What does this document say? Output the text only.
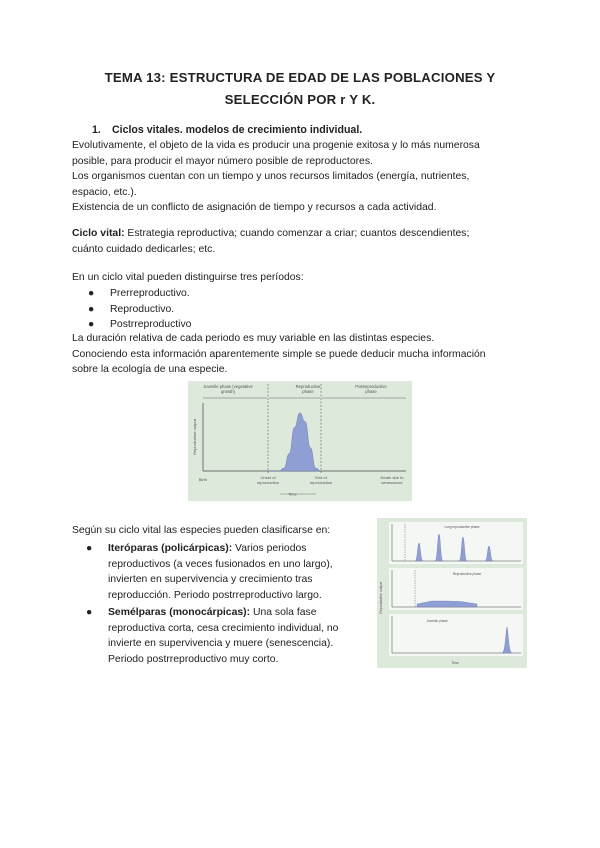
TEMA 13: ESTRUCTURA DE EDAD DE LAS POBLACIONES Y
SELECCIÓN POR r Y K.
1. Ciclos vitales. modelos de crecimiento individual.
Evolutivamente, el objeto de la vida es producir una progenie exitosa y lo más numerosa
posible, para producir el mayor número posible de reproductores.
Los organismos cuentan con un tiempo y unos recursos limitados (energía, nutrientes,
espacio, etc.).
Existencia de un conflicto de asignación de tiempo y recursos a cada actividad.
Ciclo vital: Estrategia reproductiva; cuando comenzar a criar; cuantos descendientes;
cuánto cuidado dedicarles; etc.
En un ciclo vital pueden distinguirse tres períodos:
● Prerreproductivo.
● Reproductivo.
● Postrreproductivo
La duración relativa de cada periodo es muy variable en las distintas especies.
Conociendo esta información aparentemente simple se puede deducir mucha información
sobre la ecología de una especie.
Juvenile phase (vegetative
growth)
Reproductive
phase
Postreproductive
phase
Reproductive output
Birth	Onset of
reproduction
End of
reproduction
Death due to
senescence
Time
Según su ciclo vital las especies pueden clasificarse en:
● Iteróparas (policárpicas): Varios periodos
reproductivos (a veces fusionados en uno largo),
invierten en supervivencia y crecimiento tras
reproducción. Periodo postrreproductivo largo.
● Semélparas (monocárpicas): Una sola fase
reproductiva corta, cesa crecimiento individual, no
invierte en supervivencia y muere (senescencia).
Periodo postrreproductivo muy corto.
Reproductive output
Long reproductive phase
Reproductive phase
Juvenile phase
Time
